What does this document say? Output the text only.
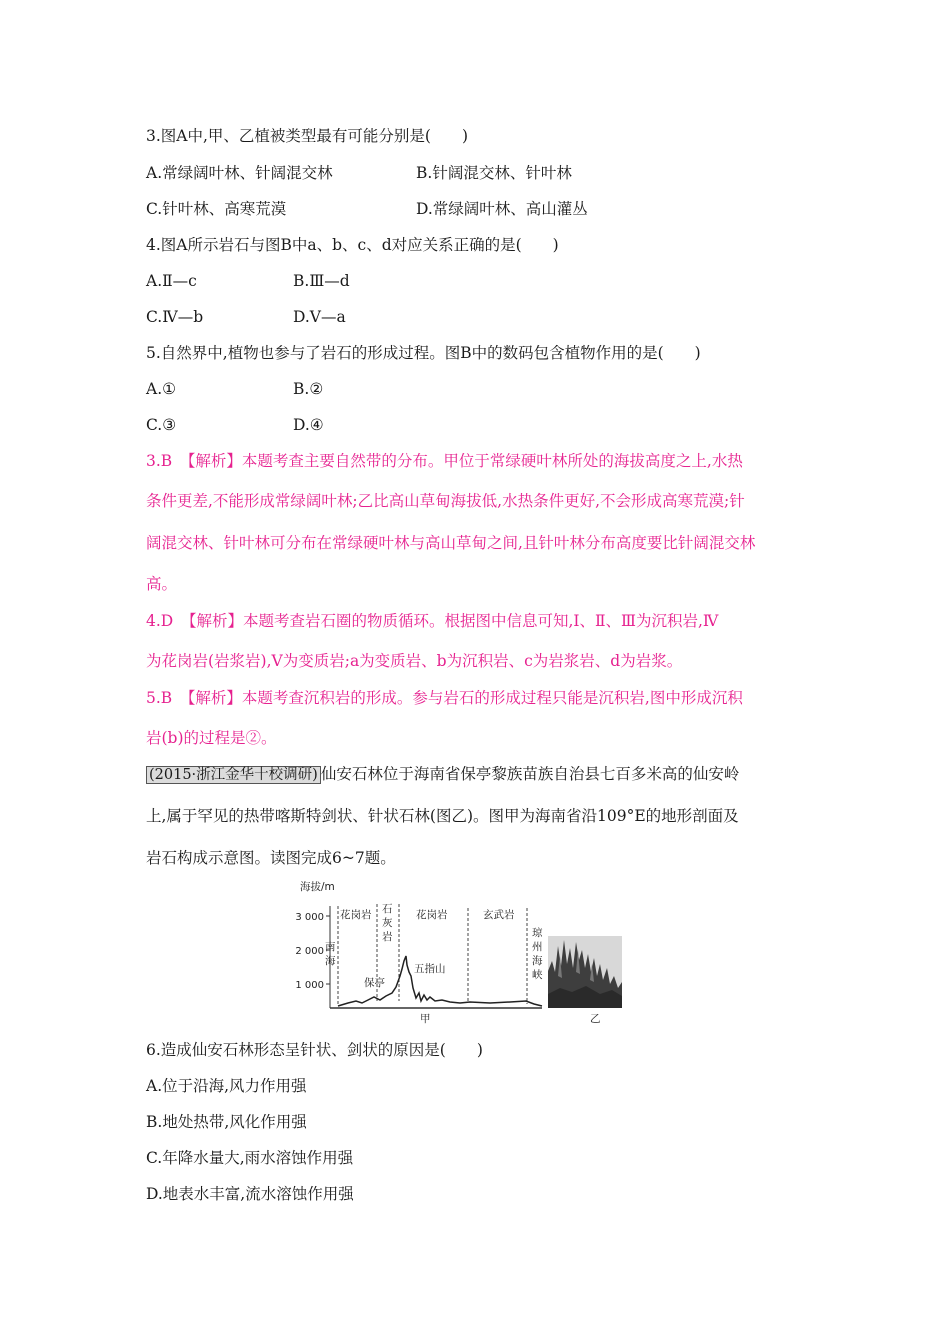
3.图A中,甲、乙植被类型最有可能分别是(　　)
A.常绿阔叶林、针阔混交林	B.针阔混交林、针叶林
C.针叶林、高寒荒漠	D.常绿阔叶林、高山灌丛
4.图A所示岩石与图B中a、b、c、d对应关系正确的是(　　)
A.Ⅱ—c	B.Ⅲ—d
C.Ⅳ—b	D.Ⅴ—a
5.自然界中,植物也参与了岩石的形成过程。图B中的数码包含植物作用的是(　　)
A.①	B.②
C.③	D.④
3.B　【解析】本题考查主要自然带的分布。甲位于常绿硬叶林所处的海拔高度之上,水热
条件更差,不能形成常绿阔叶林;乙比高山草甸海拔低,水热条件更好,不会形成高寒荒漠;针
阔混交林、针叶林可分布在常绿硬叶林与高山草甸之间,且针叶林分布高度要比针阔混交林
高。
4.D　【解析】本题考查岩石圈的物质循环。根据图中信息可知,Ⅰ、Ⅱ、Ⅲ为沉积岩,Ⅳ
为花岗岩(岩浆岩),Ⅴ为变质岩;a为变质岩、b为沉积岩、c为岩浆岩、d为岩浆。
5.B　【解析】本题考查沉积岩的形成。参与岩石的形成过程只能是沉积岩,图中形成沉积
岩(b)的过程是②。
(2015·浙江金华十校调研) 仙安石林位于海南省保亭黎族苗族自治县七百多米高的仙安岭
上,属于罕见的热带喀斯特剑状、针状石林(图乙)。图甲为海南省沿109°E的地形剖面及
岩石构成示意图。读图完成6~7题。
海拔/m
3 000
2 000
1 000
花岗岩 石
灰
岩
花岗岩	玄武岩
南
海
琼
州
海
峡
保亭
五指山
甲	乙
6.造成仙安石林形态呈针状、剑状的原因是(　　)
A.位于沿海,风力作用强
B.地处热带,风化作用强
C.年降水量大,雨水溶蚀作用强
D.地表水丰富,流水溶蚀作用强
